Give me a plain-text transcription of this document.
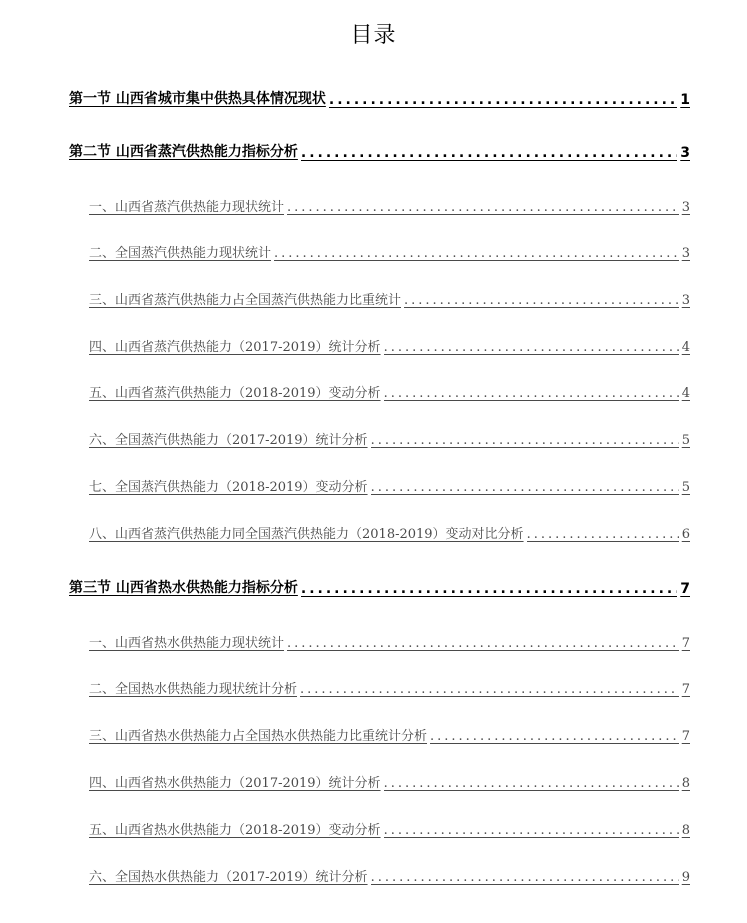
目录
第一节 山西省城市集中供热具体情况现状 .....	1
第二节 山西省蒸汽供热能力指标分析 .....	3
一、山西省蒸汽供热能力现状统计 .....	3
二、全国蒸汽供热能力现状统计 .....	3
三、山西省蒸汽供热能力占全国蒸汽供热能力比重统计 .....	3
四、山西省蒸汽供热能力（2017-2019）统计分析 .....	4
五、山西省蒸汽供热能力（2018-2019）变动分析 .....	4
六、全国蒸汽供热能力（2017-2019）统计分析 .....	5
七、全国蒸汽供热能力（2018-2019）变动分析 .....	5
八、山西省蒸汽供热能力同全国蒸汽供热能力（2018-2019）变动对比分析 .....	6
第三节 山西省热水供热能力指标分析 .....	7
一、山西省热水供热能力现状统计 .....	7
二、全国热水供热能力现状统计分析 .....	7
三、山西省热水供热能力占全国热水供热能力比重统计分析 .....	7
四、山西省热水供热能力（2017-2019）统计分析 .....	8
五、山西省热水供热能力（2018-2019）变动分析 .....	8
六、全国热水供热能力（2017-2019）统计分析 .....	9
